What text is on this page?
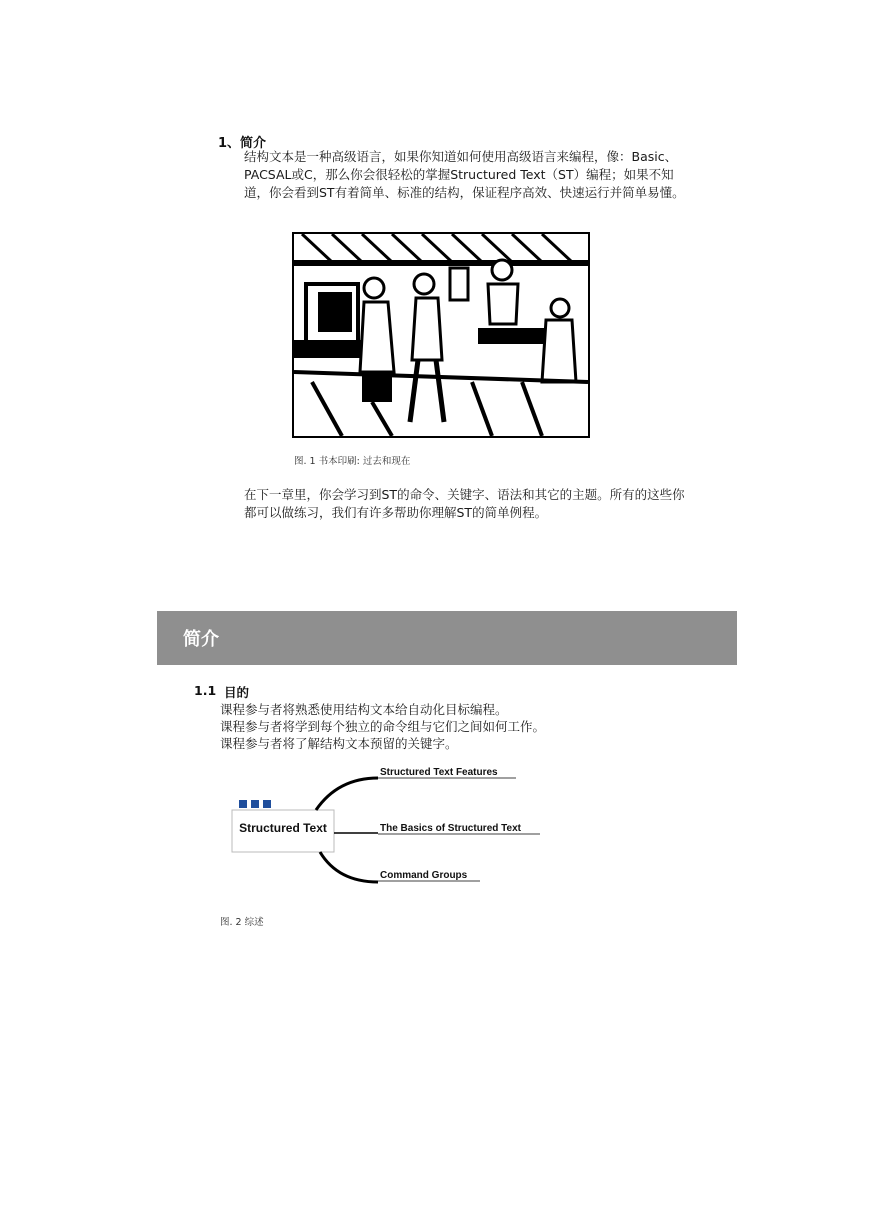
1、简介
结构文本是一种高级语言，如果你知道如何使用高级语言来编程，像：Basic、PACSAL或C，那么你会很轻松的掌握Structured Text（ST）编程；如果不知道，你会看到ST有着简单、标准的结构，保证程序高效、快速运行并简单易懂。
图. 1 书本印刷: 过去和现在
在下一章里，你会学习到ST的命令、关键字、语法和其它的主题。所有的这些你都可以做练习，我们有许多帮助你理解ST的简单例程。
简介
1.1 目的
课程参与者将熟悉使用结构文本给自动化目标编程。
课程参与者将学到每个独立的命令组与它们之间如何工作。
课程参与者将了解结构文本预留的关键字。
Structured Text
Structured Text Features
The Basics of Structured Text
Command Groups
图. 2 综述
